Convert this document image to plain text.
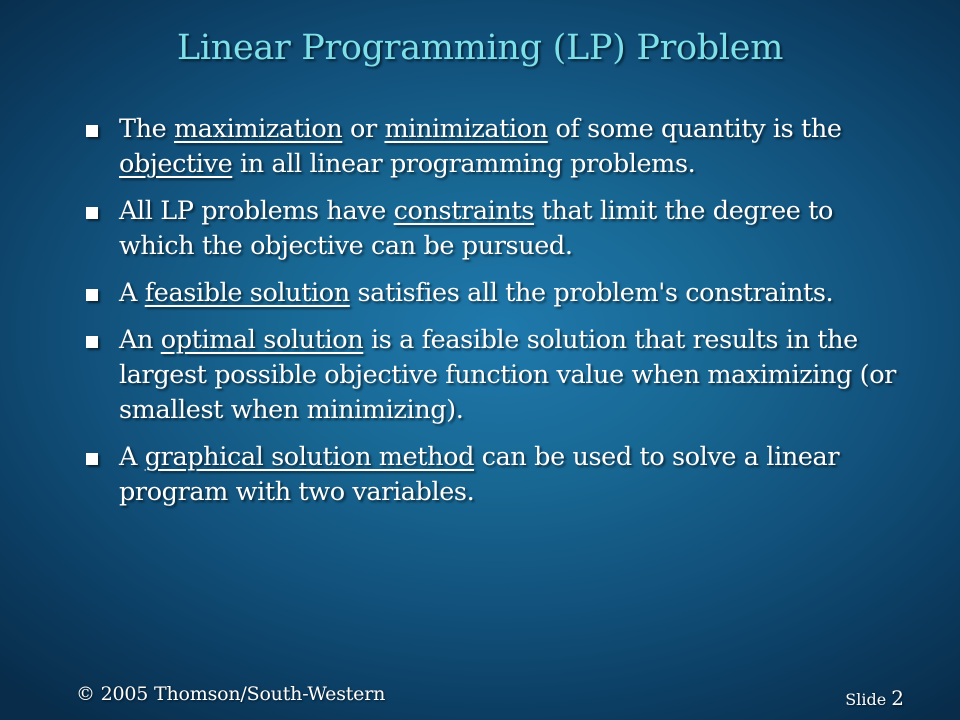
Linear Programming (LP) Problem
The maximization or minimization of some quantity is the objective in all linear programming problems.
All LP problems have constraints that limit the degree to which the objective can be pursued.
A feasible solution satisfies all the problem's constraints.
An optimal solution is a feasible solution that results in the largest possible objective function value when maximizing (or smallest when minimizing).
A graphical solution method can be used to solve a linear program with two variables.
© 2005 Thomson/South-Western	Slide 2
